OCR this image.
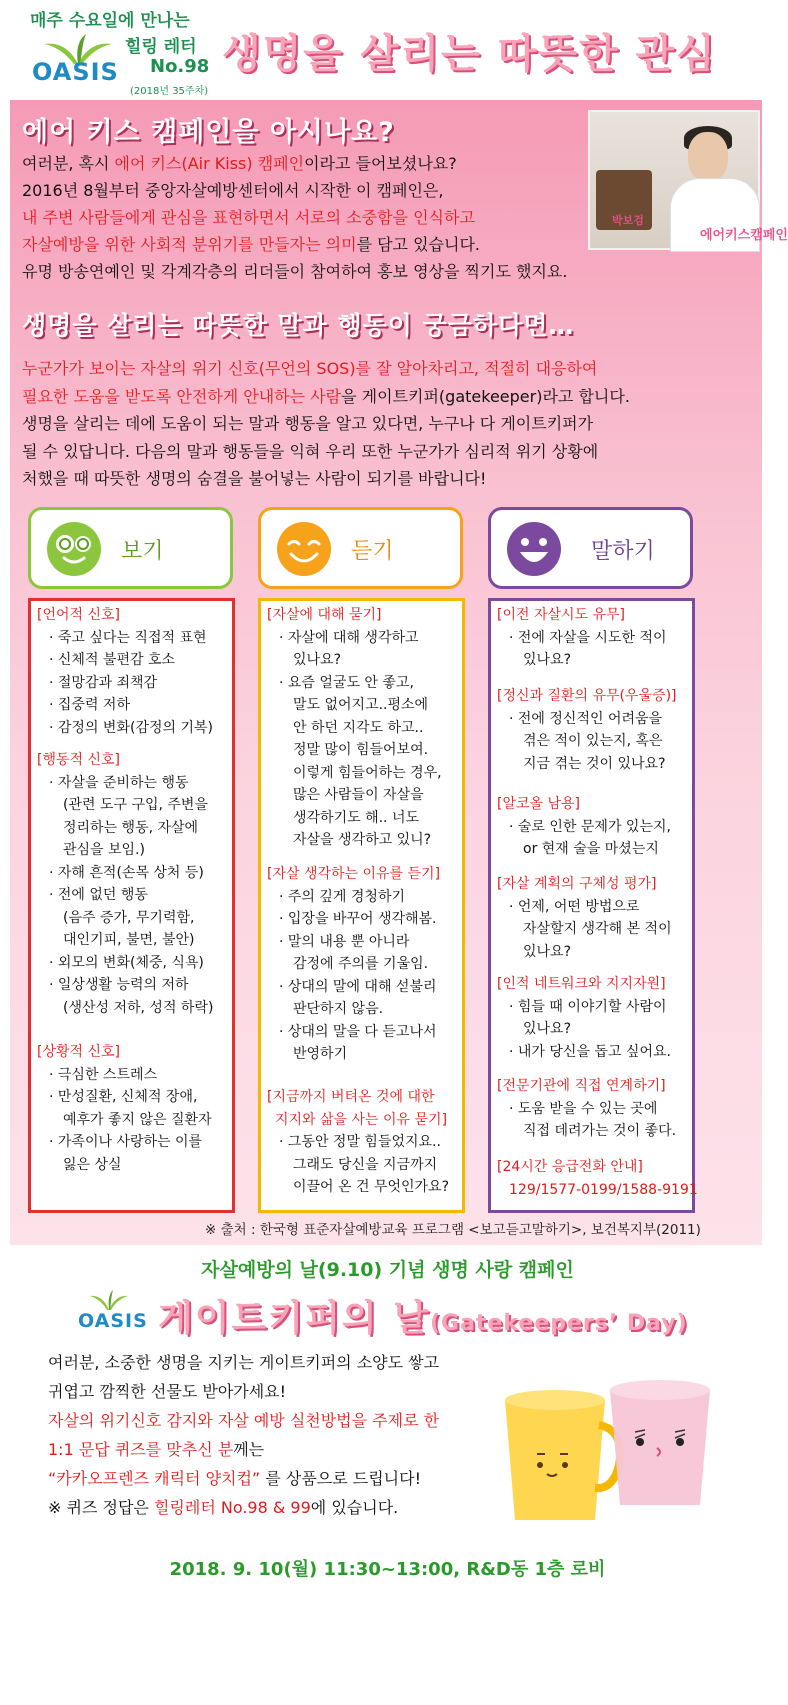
매주 수요일에 만나는
힐링 레터
OASIS No.98
(2018년 35주차)
생명을 살리는 따뜻한 관심
에어 키스 캠페인을 아시나요?
박보검
에어키스캠페인
여러분, 혹시 에어 키스(Air Kiss) 캠페인이라고 들어보셨나요?
2016년 8월부터 중앙자살예방센터에서 시작한 이 캠페인은,
내 주변 사람들에게 관심을 표현하면서 서로의 소중함을 인식하고
자살예방을 위한 사회적 분위기를 만들자는 의미를 담고 있습니다.
유명 방송연예인 및 각계각층의 리더들이 참여하여 홍보 영상을 찍기도 했지요.
생명을 살리는 따뜻한 말과 행동이 궁금하다면…
누군가가 보이는 자살의 위기 신호(무언의 SOS)를 잘 알아차리고, 적절히 대응하여
필요한 도움을 받도록 안전하게 안내하는 사람을 게이트키퍼(gatekeeper)라고 합니다.
생명을 살리는 데에 도움이 되는 말과 행동을 알고 있다면, 누구나 다 게이트키퍼가
될 수 있답니다. 다음의 말과 행동들을 익혀 우리 또한 누군가가 심리적 위기 상황에
처했을 때 따뜻한 생명의 숨결을 불어넣는 사람이 되기를 바랍니다!
보기	듣기	말하기
[언어적 신호]
· 죽고 싶다는 직접적 표현
· 신체적 불편감 호소
· 절망감과 죄책감
· 집중력 저하
· 감정의 변화(감정의 기복)
[행동적 신호]
· 자살을 준비하는 행동
(관련 도구 구입, 주변을
정리하는 행동, 자살에
관심을 보임.)
· 자해 흔적(손목 상처 등)
· 전에 없던 행동
(음주 증가, 무기력함,
대인기피, 불면, 불안)
· 외모의 변화(체중, 식욕)
· 일상생활 능력의 저하
(생산성 저하, 성적 하락)
[상황적 신호]
· 극심한 스트레스
· 만성질환, 신체적 장애,
예후가 좋지 않은 질환자
· 가족이나 사랑하는 이를
잃은 상실
[자살에 대해 묻기]
· 자살에 대해 생각하고
있나요?
· 요즘 얼굴도 안 좋고,
말도 없어지고..평소에
안 하던 지각도 하고..
정말 많이 힘들어보여.
이렇게 힘들어하는 경우,
많은 사람들이 자살을
생각하기도 해.. 너도
자살을 생각하고 있니?
[자살 생각하는 이유를 듣기]
· 주의 깊게 경청하기
· 입장을 바꾸어 생각해봄.
· 말의 내용 뿐 아니라
감정에 주의를 기울임.
· 상대의 말에 대해 섣불리
판단하지 않음.
· 상대의 말을 다 듣고나서
반영하기
[지금까지 버텨온 것에 대한
지지와 삶을 사는 이유 묻기]
· 그동안 정말 힘들었지요..
그래도 당신을 지금까지
이끌어 온 건 무엇인가요?
[이전 자살시도 유무]
· 전에 자살을 시도한 적이
있나요?
[정신과 질환의 유무(우울증)]
· 전에 정신적인 어려움을
겪은 적이 있는지, 혹은
지금 겪는 것이 있나요?
[알코올 남용]
· 술로 인한 문제가 있는지,
or 현재 술을 마셨는지
[자살 계획의 구체성 평가]
· 언제, 어떤 방법으로
자살할지 생각해 본 적이
있나요?
[인적 네트워크와 지지자원]
· 힘들 때 이야기할 사람이
있나요?
· 내가 당신을 돕고 싶어요.
[전문기관에 직접 연계하기]
· 도움 받을 수 있는 곳에
직접 데려가는 것이 좋다.
[24시간 응급전화 안내]
129/1577-0199/1588-9191
※ 출처 : 한국형 표준자살예방교육 프로그램 <보고듣고말하기>, 보건복지부(2011)
자살예방의 날(9.10) 기념 생명 사랑 캠페인
OASIS 게이트키퍼의 날(Gatekeepers’ Day)
여러분, 소중한 생명을 지키는 게이트키퍼의 소양도 쌓고
귀엽고 깜찍한 선물도 받아가세요!
자살의 위기신호 감지와 자살 예방 실천방법을 주제로 한
1:1 문답 퀴즈를 맞추신 분께는
“카카오프렌즈 캐릭터 양치컵” 를 상품으로 드립니다!
※ 퀴즈 정답은 힐링레터 No.98 & 99에 있습니다.
2018. 9. 10(월) 11:30~13:00, R&D동 1층 로비
